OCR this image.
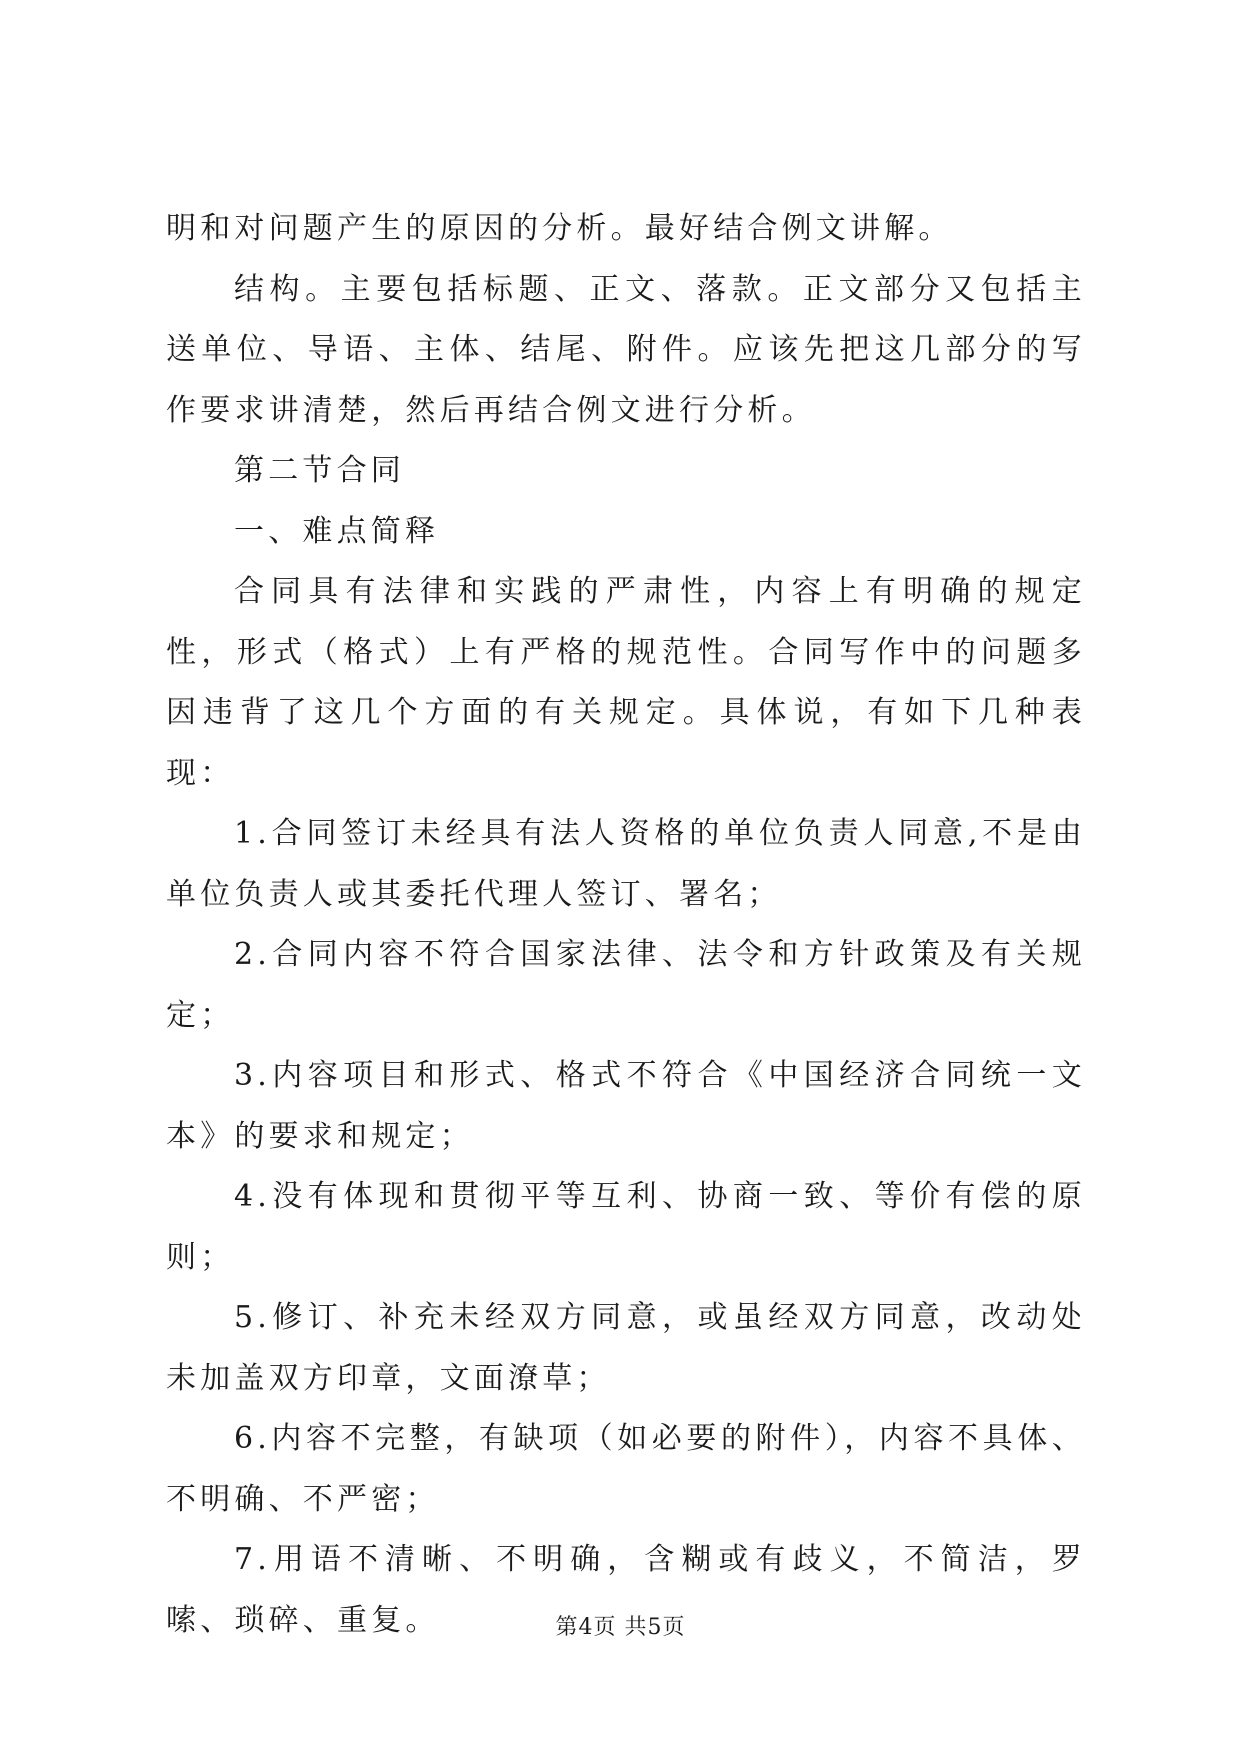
明和对问题产生的原因的分析。最好结合例文讲解。

结构。主要包括标题、正文、落款。正文部分又包括主送单位、导语、主体、结尾、附件。应该先把这几部分的写作要求讲清楚，然后再结合例文进行分析。

第二节合同

一、难点简释

合同具有法律和实践的严肃性，内容上有明确的规定性，形式（格式）上有严格的规范性。合同写作中的问题多因违背了这几个方面的有关规定。具体说，有如下几种表现：

1.合同签订未经具有法人资格的单位负责人同意,不是由单位负责人或其委托代理人签订、署名；

2.合同内容不符合国家法律、法令和方针政策及有关规定；

3.内容项目和形式、格式不符合《中国经济合同统一文本》的要求和规定；

4.没有体现和贯彻平等互利、协商一致、等价有偿的原则；

5.修订、补充未经双方同意，或虽经双方同意，改动处未加盖双方印章，文面潦草；

6.内容不完整，有缺项（如必要的附件），内容不具体、不明确、不严密；

7.用语不清晰、不明确，含糊或有歧义，不简洁，罗嗦、琐碎、重复。	第4页 共5页
